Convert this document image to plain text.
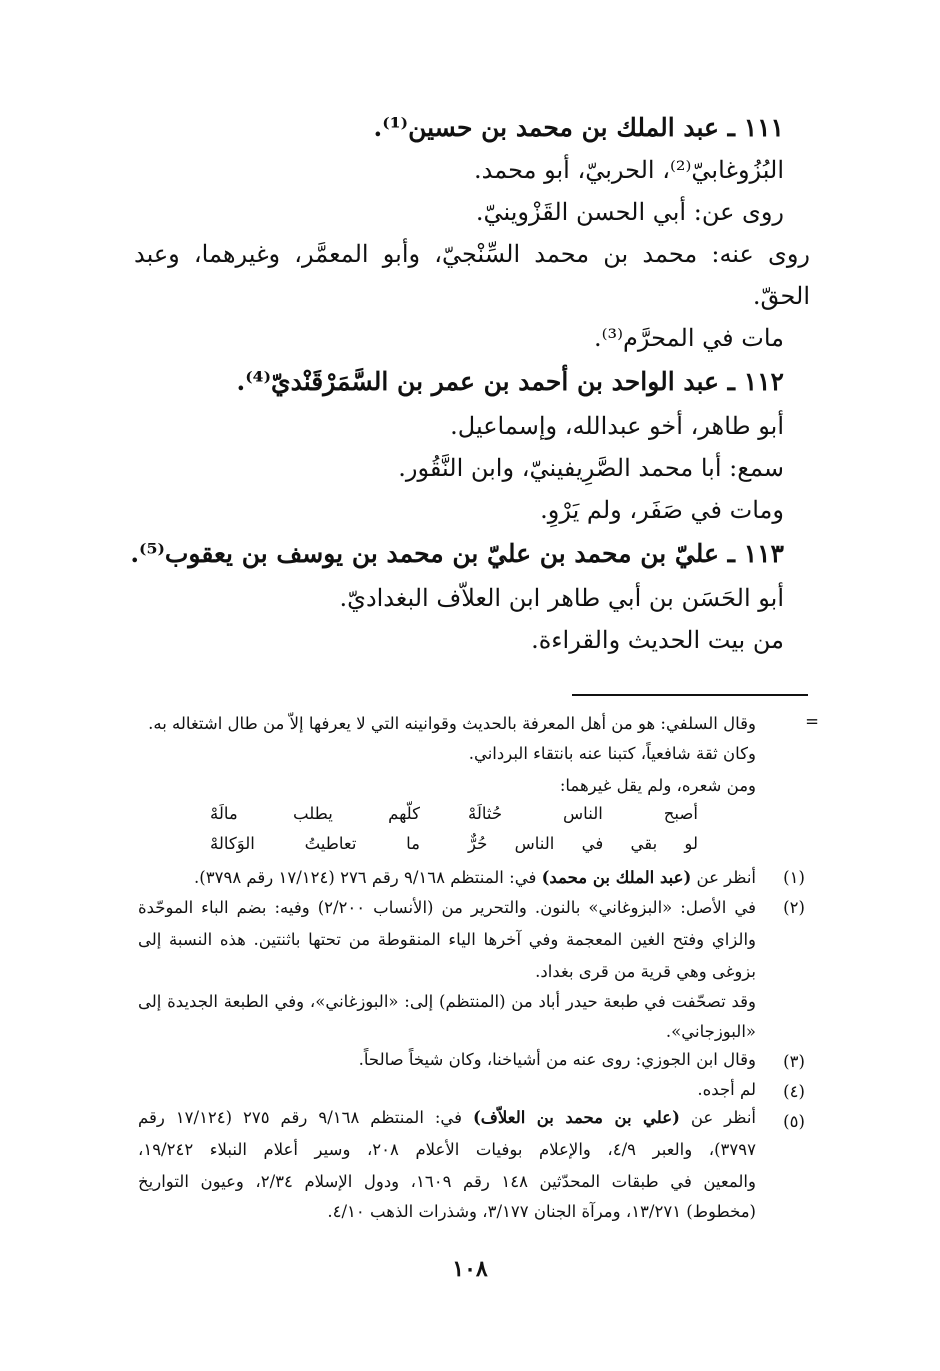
١١١ ـ عبد الملك بن محمد بن حسين⁽¹⁾.
البُزُوغابيّ⁽²⁾، الحربيّ، أبو محمد.
روى عن: أبي الحسن القَزْوينيّ.
روى عنه: محمد بن محمد السِّنْجيّ، وأبو المعمَّر، وغيرهما، وعبد
الحقّ.
مات في المحرَّم⁽³⁾.
١١٢ ـ عبد الواحد بن أحمد بن عمر بن السَّمَرْقَنْديّ⁽⁴⁾.
أبو طاهر، أخو عبدالله، وإسماعيل.
سمع: أبا محمد الصَّرِيفينيّ، وابن النَّقُور.
ومات في صَفَر، ولم يَرْوِ.
١١٣ ـ عليّ بن محمد بن عليّ بن محمد بن يوسف بن يعقوب⁽⁵⁾.
أبو الحَسَن بن أبي طاهر ابن العلاّف البغداديّ.
من بيت الحديث والقراءة.
=
وقال السلفي: هو من أهل المعرفة بالحديث وقوانينه التي لا يعرفها إلاّ من طال اشتغاله به.
وكان ثقة شافعياً، كتبنا عنه بانتقاء البرداني.
ومن شعره، ولم يقل غيرهما:
أصبح الناس حُثالَهْ
كلّهم يطلب مالَهْ
لو بقي في الناس حُرٌّ
ما تعاطيتُ الوَكالهْ
(١)
أنظر عن (عبد الملك بن محمد) في: المنتظم ٩/١٦٨ رقم ٢٧٦ (١٧/١٢٤ رقم ٣٧٩٨).
(٢)
في الأصل: «البزوغاني» بالنون. والتحرير من (الأنساب ٢/٢٠٠) وفيه: بضم الباء الموحّدة
والزاي وفتح الغين المعجمة وفي آخرها الياء المنقوطة من تحتها باثنتين. هذه النسبة إلى
بزوغى وهي قرية من قرى بغداد.
وقد تصحّفت في طبعة حيدر أباد من (المنتظم) إلى: «البوزغاني»، وفي الطبعة الجديدة إلى
«البوزجاني».
(٣)
وقال ابن الجوزي: روى عنه من أشياخنا، وكان شيخاً صالحاً.
(٤)
لم أجده.
(٥)
أنظر عن (علي بن محمد بن العلاّف) في: المنتظم ٩/١٦٨ رقم ٢٧٥ (١٧/١٢٤ رقم
٣٧٩٧)، والعبر ٤/٩، والإعلام بوفيات الأعلام ٢٠٨، وسير أعلام النبلاء ١٩/٢٤٢،
والمعين في طبقات المحدّثين ١٤٨ رقم ١٦٠٩، ودول الإسلام ٢/٣٤، وعيون التواريخ
(مخطوط) ١٣/٢٧١، ومرآة الجنان ٣/١٧٧، وشذرات الذهب ٤/١٠.
١٠٨
